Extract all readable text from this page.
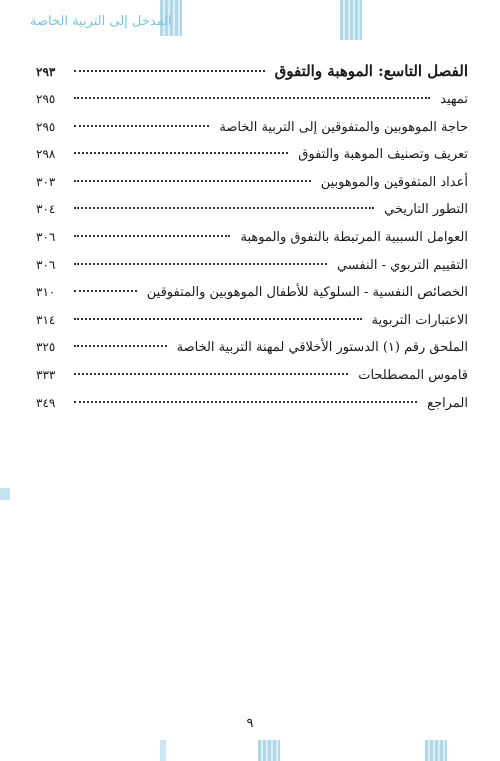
المدخل إلى التربية الخاصة
الفصل التاسع: الموهبة والتفوق
٢٩٣
تمهيد
٢٩٥
حاجة الموهوبين والمتفوقين إلى التربية الخاصة
٢٩٥
تعريف وتصنيف الموهبة والتفوق
٢٩٨
أعداد المتفوقين والموهوبين
٣٠٣
التطور التاريخي
٣٠٤
العوامل السببية المرتبطة بالتفوق والموهبة
٣٠٦
التقييم التربوي - النفسي
٣٠٦
الخصائص النفسية - السلوكية للأطفال الموهوبين والمتفوقين
٣١٠
الاعتبارات التربوية
٣١٤
الملحق رقم (١) الدستور الأخلاقي لمهنة التربية الخاصة
٣٢٥
قاموس المصطلحات
٣٣٣
المراجع
٣٤٩
٩
